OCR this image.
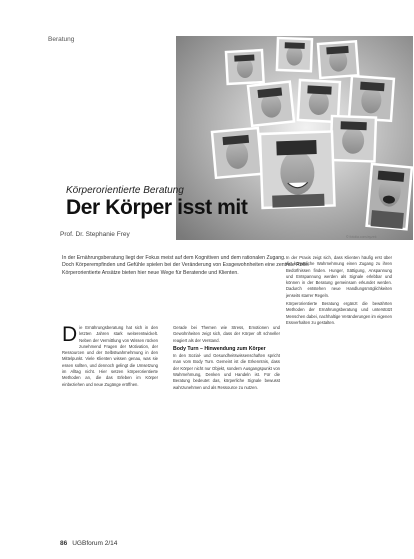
Beratung
Körperorientierte Beratung
Der Körper isst mit
Prof. Dr. Stephanie Frey	© fotolia.com/ayzek

In der Ernährungsberatung liegt der Fokus meist auf dem Kognitiven und dem rationalen Zugang.

Doch Körperempfinden und Gefühle spielen bei der Veränderung von Essgewohnheiten eine zentrale Rolle.

Körperorientierte Ansätze bieten hier neue Wege für Beratende und Klienten.

D ie Ernährungsberatung hat sich in den letzten Jahren stark weiterentwickelt. Neben der Vermittlung von Wissen rücken zunehmend Fragen der Motivation, der Ressourcen und der Selbstwahrnehmung in den Mittelpunkt. Viele Klienten wissen genau, was sie essen sollten, und dennoch gelingt die Umsetzung im Alltag nicht. Hier setzen körperorientierte Methoden an, die das Erleben im Körper einbeziehen und neue Zugänge eröffnen.

Gerade bei Themen wie Stress, Emotionen und Gewohnheiten zeigt sich, dass der Körper oft schneller reagiert als der Verstand.

Body Turn – Hinwendung zum Körper

In den Sozial- und Gesundheitswissenschaften spricht man vom Body Turn. Gemeint ist die Erkenntnis, dass der Körper nicht nur Objekt, sondern Ausgangspunkt von Wahrnehmung, Denken und Handeln ist. Für die Beratung bedeutet das, körperliche Signale bewusst wahrzunehmen und als Ressource zu nutzen.

In der Praxis zeigt sich, dass Klienten häufig erst über die körperliche Wahrnehmung einen Zugang zu ihren Bedürfnissen finden. Hunger, Sättigung, Anspannung und Entspannung werden als Signale erlebbar und können in der Beratung gemeinsam erkundet werden. Dadurch entstehen neue Handlungsmöglichkeiten jenseits starrer Regeln.

Körperorientierte Beratung ergänzt die bewährten Methoden der Ernährungsberatung und unterstützt Menschen dabei, nachhaltige Veränderungen im eigenen Essverhalten zu gestalten.

86 UGBforum 2/14
